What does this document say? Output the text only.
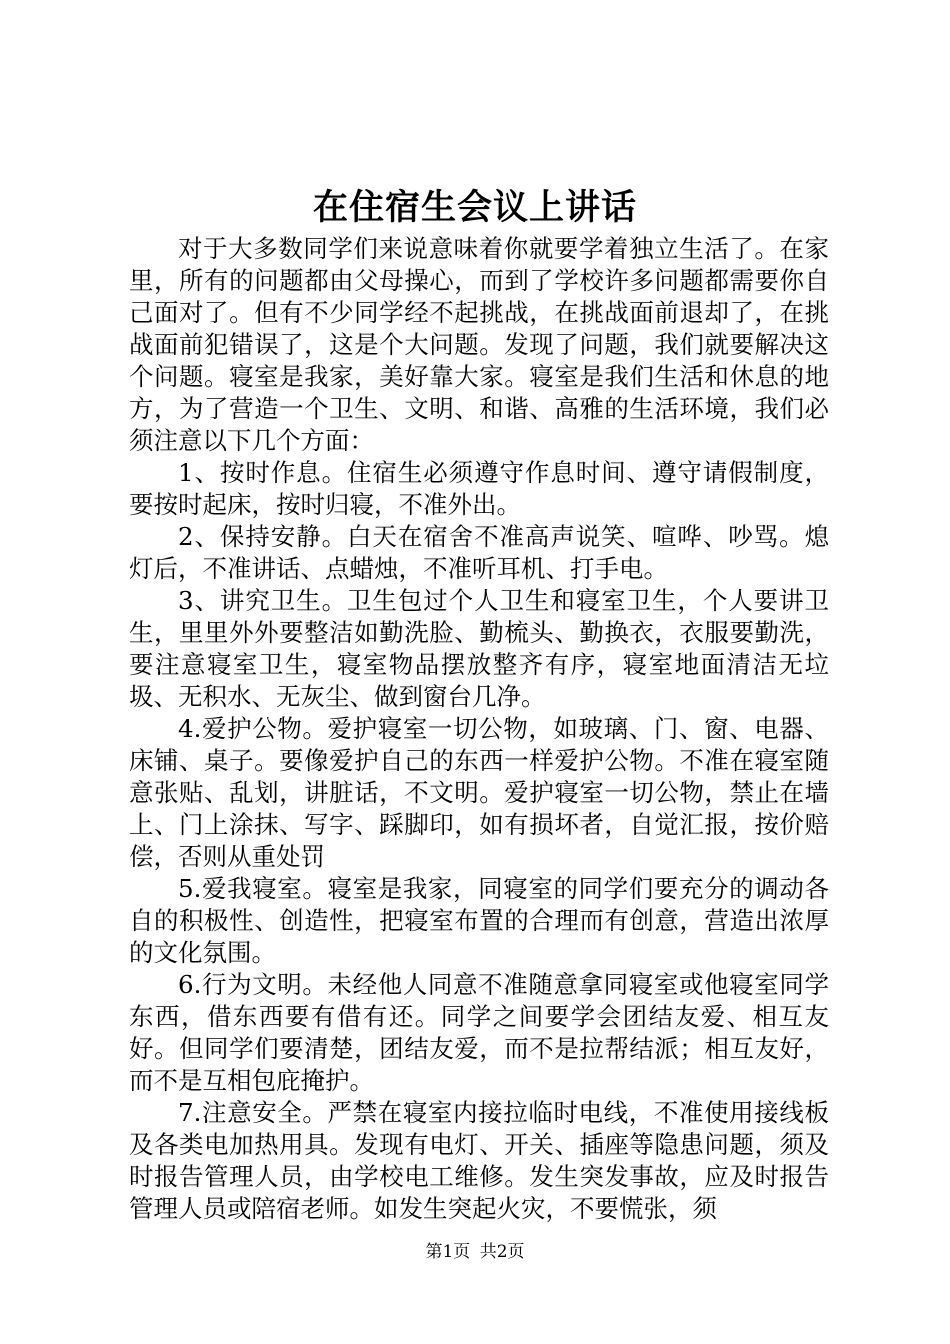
在住宿生会议上讲话

对于大多数同学们来说意味着你就要学着独立生活了。在家里，所有的问题都由父母操心，而到了学校许多问题都需要你自己面对了。但有不少同学经不起挑战，在挑战面前退却了，在挑战面前犯错误了，这是个大问题。发现了问题，我们就要解决这个问题。寝室是我家，美好靠大家。寝室是我们生活和休息的地方，为了营造一个卫生、文明、和谐、高雅的生活环境，我们必须注意以下几个方面：

1、按时作息。住宿生必须遵守作息时间、遵守请假制度，要按时起床，按时归寝，不准外出。

2、保持安静。白天在宿舍不准高声说笑、喧哗、吵骂。熄灯后，不准讲话、点蜡烛，不准听耳机、打手电。

3、讲究卫生。卫生包过个人卫生和寝室卫生，个人要讲卫生，里里外外要整洁如勤洗脸、勤梳头、勤换衣，衣服要勤洗，要注意寝室卫生，寝室物品摆放整齐有序，寝室地面清洁无垃圾、无积水、无灰尘、做到窗台几净。

4.爱护公物。爱护寝室一切公物，如玻璃、门、窗、电器、床铺、桌子。要像爱护自己的东西一样爱护公物。不准在寝室随意张贴、乱划，讲脏话，不文明。爱护寝室一切公物，禁止在墙上、门上涂抹、写字、踩脚印，如有损坏者，自觉汇报，按价赔偿，否则从重处罚

5.爱我寝室。寝室是我家，同寝室的同学们要充分的调动各自的积极性、创造性，把寝室布置的合理而有创意，营造出浓厚的文化氛围。

6.行为文明。未经他人同意不准随意拿同寝室或他寝室同学东西，借东西要有借有还。同学之间要学会团结友爱、相互友好。但同学们要清楚，团结友爱，而不是拉帮结派；相互友好，而不是互相包庇掩护。

7.注意安全。严禁在寝室内接拉临时电线，不准使用接线板及各类电加热用具。发现有电灯、开关、插座等隐患问题，须及时报告管理人员，由学校电工维修。发生突发事故，应及时报告管理人员或陪宿老师。如发生突起火灾，不要慌张，须

第1页 共2页
